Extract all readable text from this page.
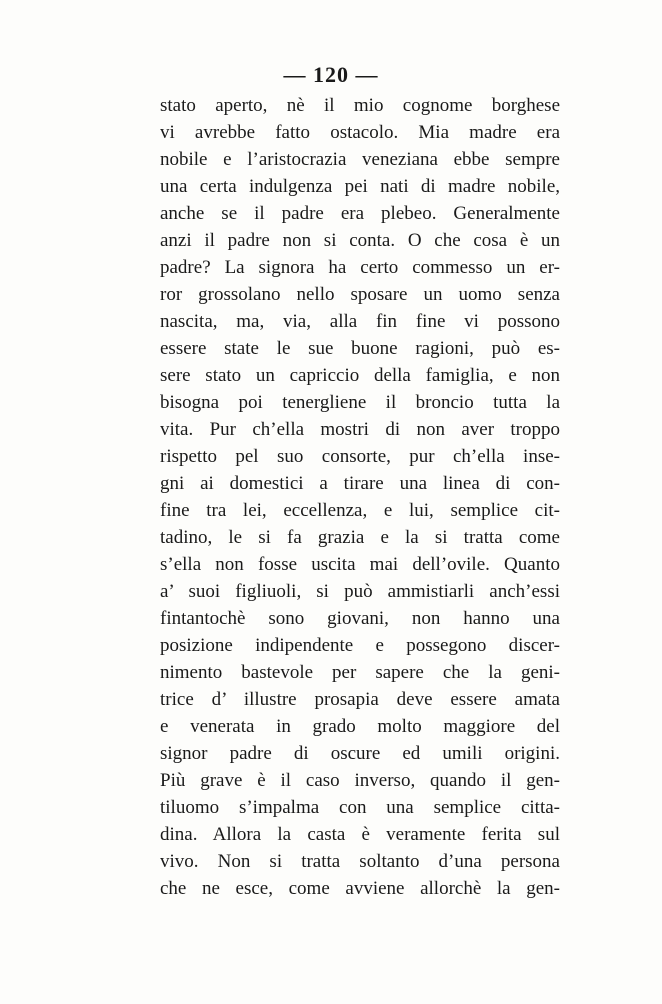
— 120 —
stato aperto, nè il mio cognome borghese
vi avrebbe fatto ostacolo. Mia madre era
nobile e l’aristocrazia veneziana ebbe sempre
una certa indulgenza pei nati di madre nobile,
anche se il padre era plebeo. Generalmente
anzi il padre non si conta. O che cosa è un
padre? La signora ha certo commesso un er-
ror grossolano nello sposare un uomo senza
nascita, ma, via, alla fin fine vi possono
essere state le sue buone ragioni, può es-
sere stato un capriccio della famiglia, e non
bisogna poi tenergliene il broncio tutta la
vita. Pur ch’ella mostri di non aver troppo
rispetto pel suo consorte, pur ch’ella inse-
gni ai domestici a tirare una linea di con-
fine tra lei, eccellenza, e lui, semplice cit-
tadino, le si fa grazia e la si tratta come
s’ella non fosse uscita mai dell’ovile. Quanto
a’ suoi figliuoli, si può ammistiarli anch’essi
fintantochè sono giovani, non hanno una
posizione indipendente e possegono discer-
nimento bastevole per sapere che la geni-
trice d’ illustre prosapia deve essere amata
e venerata in grado molto maggiore del
signor padre di oscure ed umili origini.
Più grave è il caso inverso, quando il gen-
tiluomo s’impalma con una semplice citta-
dina. Allora la casta è veramente ferita sul
vivo. Non si tratta soltanto d’una persona
che ne esce, come avviene allorchè la gen-
